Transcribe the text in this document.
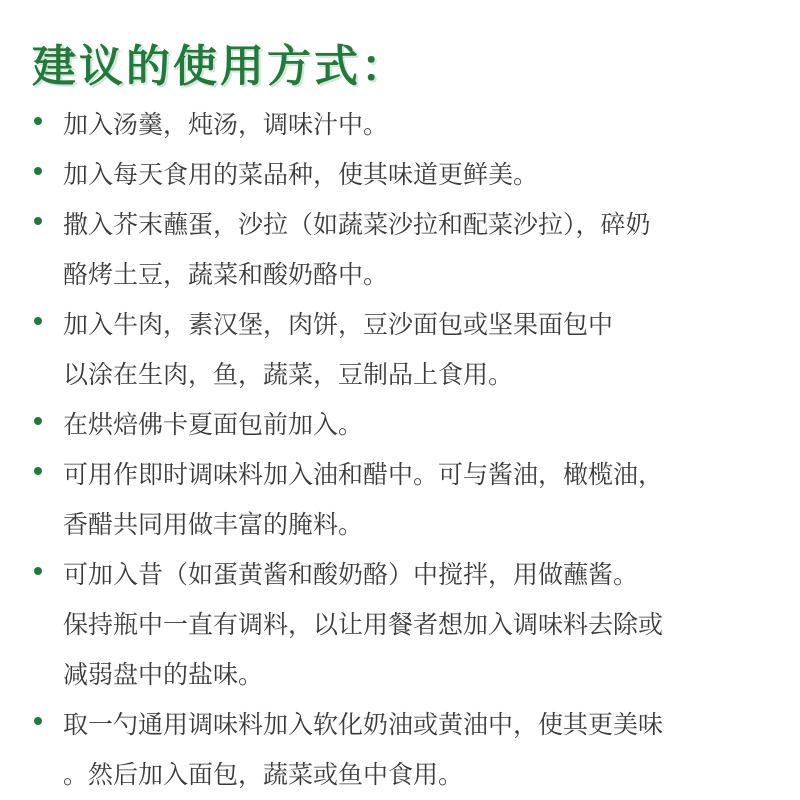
建议的使用方式：
加入汤羹，炖汤，调味汁中。
加入每天食用的菜品种，使其味道更鲜美。
撒入芥末蘸蛋，沙拉（如蔬菜沙拉和配菜沙拉），碎奶
酪烤土豆，蔬菜和酸奶酪中。
加入牛肉，素汉堡，肉饼，豆沙面包或坚果面包中
以涂在生肉，鱼，蔬菜，豆制品上食用。
在烘焙佛卡夏面包前加入。
可用作即时调味料加入油和醋中。可与酱油，橄榄油，
香醋共同用做丰富的腌料。
可加入昔（如蛋黄酱和酸奶酪）中搅拌，用做蘸酱。
保持瓶中一直有调料，以让用餐者想加入调味料去除或
减弱盘中的盐味。
取一勺通用调味料加入软化奶油或黄油中，使其更美味
。然后加入面包，蔬菜或鱼中食用。
